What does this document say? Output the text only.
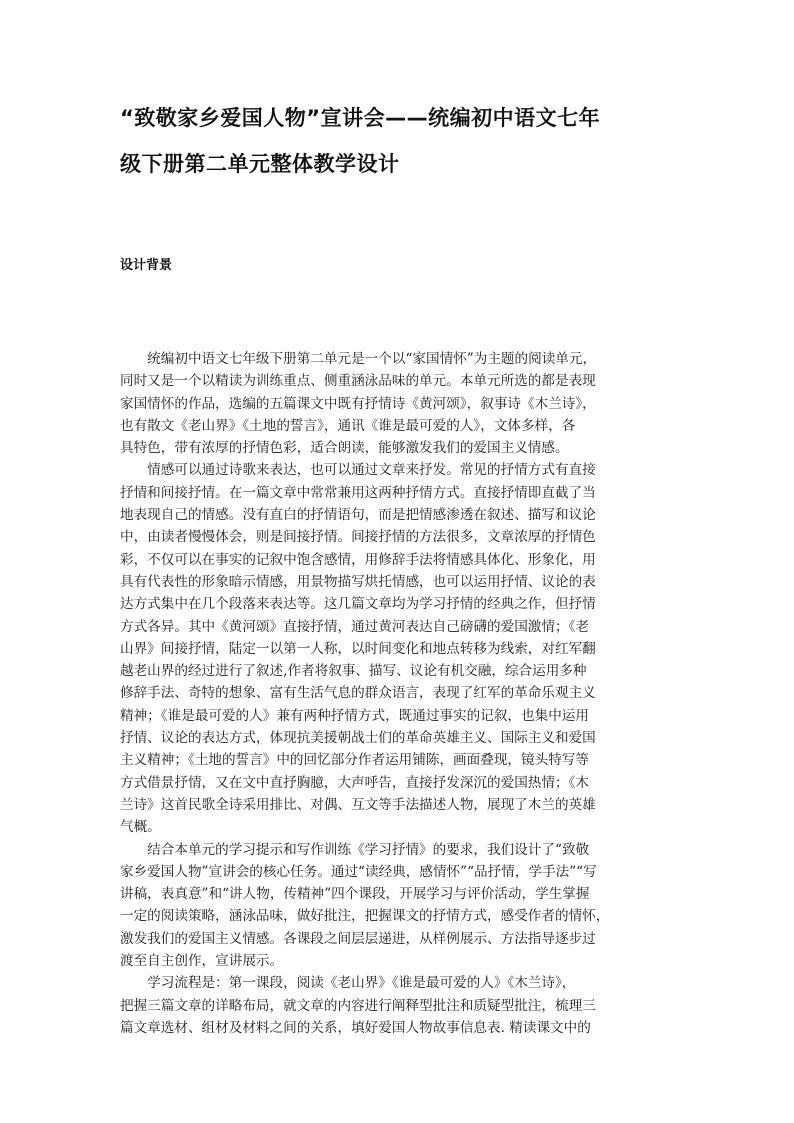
“致敬家乡爱国人物”宣讲会——统编初中语文七年
级下册第二单元整体教学设计
设计背景
　　统编初中语文七年级下册第二单元是一个以“家国情怀”为主题的阅读单元，
同时又是一个以精读为训练重点、侧重涵泳品味的单元。本单元所选的都是表现
家国情怀的作品，选编的五篇课文中既有抒情诗《黄河颂》，叙事诗《木兰诗》，
也有散文《老山界》《土地的誓言》，通讯《谁是最可爱的人》，文体多样，各
具特色，带有浓厚的抒情色彩，适合朗读，能够激发我们的爱国主义情感。
　　情感可以通过诗歌来表达，也可以通过文章来抒发。常见的抒情方式有直接
抒情和间接抒情。在一篇文章中常常兼用这两种抒情方式。直接抒情即直截了当
地表现自己的情感。没有直白的抒情语句，而是把情感渗透在叙述、描写和议论
中，由读者慢慢体会，则是间接抒情。间接抒情的方法很多，文章浓厚的抒情色
彩，不仅可以在事实的记叙中饱含感情，用修辞手法将情感具体化、形象化，用
具有代表性的形象暗示情感，用景物描写烘托情感，也可以运用抒情、议论的表
达方式集中在几个段落来表达等。这几篇文章均为学习抒情的经典之作，但抒情
方式各异。其中《黄河颂》直接抒情，通过黄河表达自己磅礴的爱国激情；《老
山界》间接抒情，陆定一以第一人称，以时间变化和地点转移为线索，对红军翻
越老山界的经过进行了叙述,作者将叙事、描写、议论有机交融，综合运用多种
修辞手法、奇特的想象、富有生活气息的群众语言，表现了红军的革命乐观主义
精神；《谁是最可爱的人》兼有两种抒情方式，既通过事实的记叙，也集中运用
抒情、议论的表达方式，体现抗美援朝战士们的革命英雄主义、国际主义和爱国
主义精神；《土地的誓言》中的回忆部分作者运用铺陈，画面叠现，镜头特写等
方式借景抒情，又在文中直抒胸臆，大声呼告，直接抒发深沉的爱国热情；《木
兰诗》这首民歌全诗采用排比、对偶、互文等手法描述人物，展现了木兰的英雄
气概。
　　结合本单元的学习提示和写作训练《学习抒情》的要求，我们设计了“致敬
家乡爱国人物”宣讲会的核心任务。通过“读经典，感情怀”“品抒情，学手法”“写
讲稿，表真意”和“讲人物，传精神”四个课段，开展学习与评价活动，学生掌握
一定的阅读策略，涵泳品味，做好批注，把握课文的抒情方式，感受作者的情怀，
激发我们的爱国主义情感。各课段之间层层递进，从样例展示、方法指导逐步过
渡至自主创作，宣讲展示。
　　学习流程是：第一课段，阅读《老山界》《谁是最可爱的人》《木兰诗》，
把握三篇文章的详略布局，就文章的内容进行阐释型批注和质疑型批注，梳理三
篇文章选材、组材及材料之间的关系，填好爱国人物故事信息表. 精读课文中的
